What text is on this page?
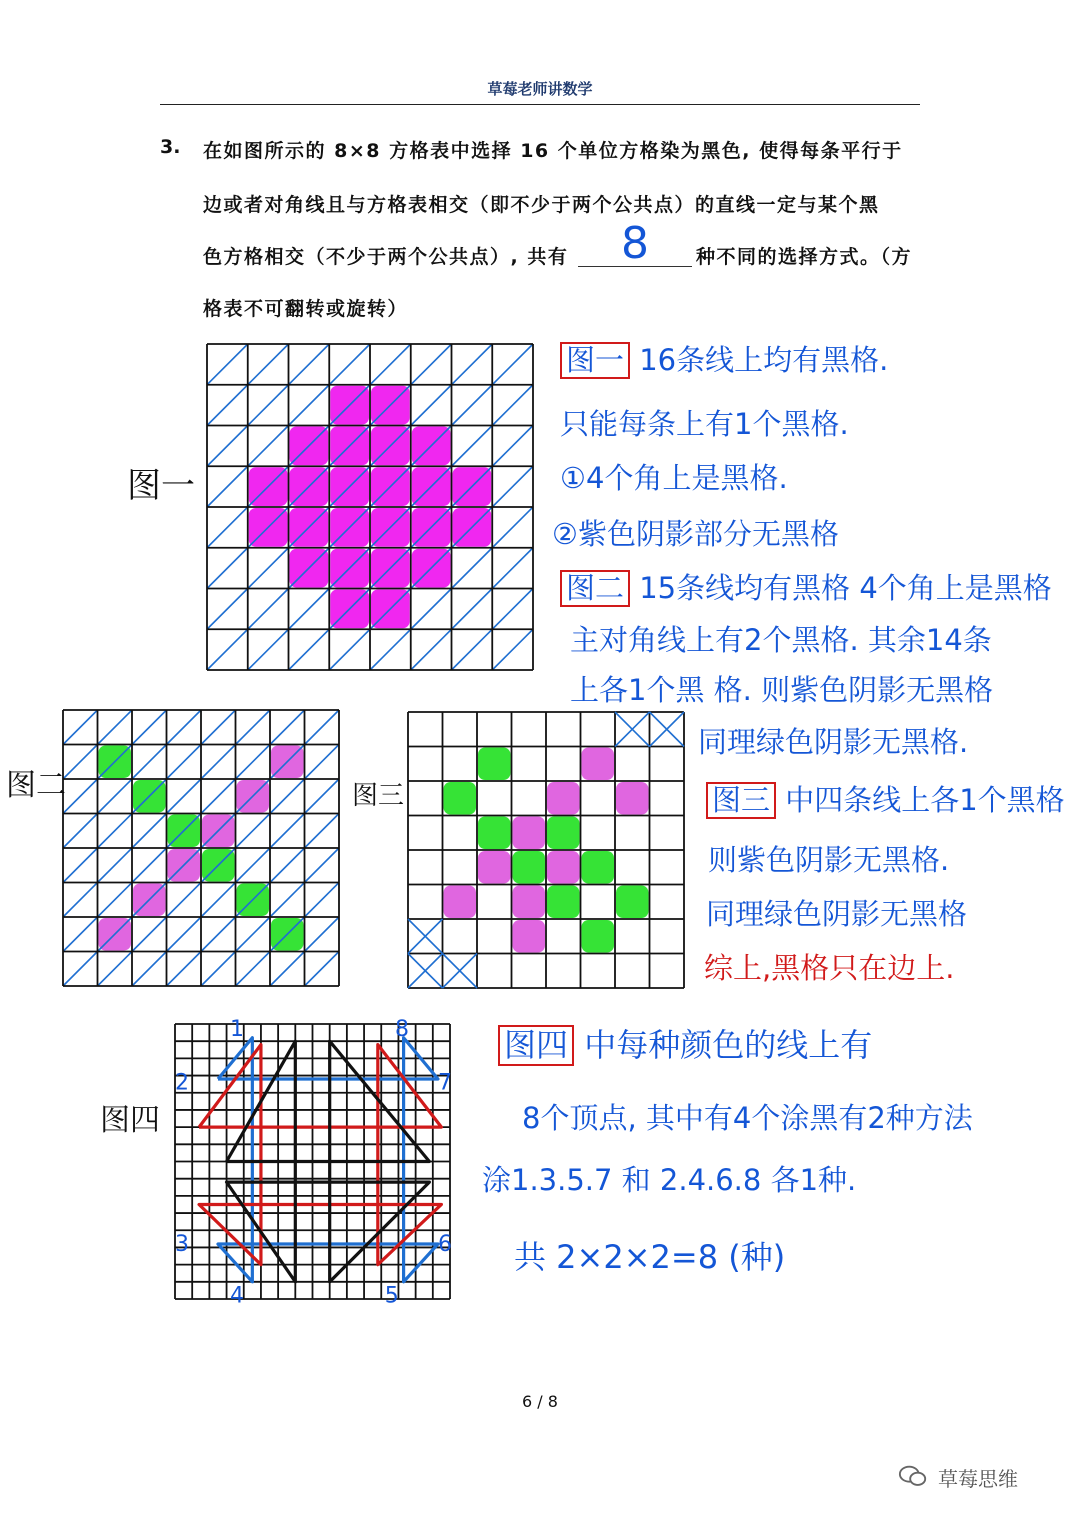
草莓老师讲数学
3. 在如图所示的 8×8 方格表中选择 16 个单位方格染为黑色, 使得每条平行于
边或者对角线且与方格表相交（即不少于两个公共点）的直线一定与某个黑
色方格相交（不少于两个公共点）, 共有	8	种不同的选择方式。（方
格表不可翻转或旋转）
图一
图二	图三
图四
1
2
3
4	5
6
7
8
图一 16条线上均有黑格.
只能每条上有1个黑格.
①4个角上是黑格.
②紫色阴影部分无黑格
图二 15条线均有黑格 4个角上是黑格
主对角线上有2个黑格. 其余14条
上各1个黑 格. 则紫色阴影无黑格
同理绿色阴影无黑格.
图三 中四条线上各1个黑格
则紫色阴影无黑格.
同理绿色阴影无黑格
综上,黑格只在边上.
图四 中每种颜色的线上有
8个顶点, 其中有4个涂黑有2种方法
涂1.3.5.7 和 2.4.6.8 各1种.
共 2×2×2=8 (种)
6 / 8
草莓思维
